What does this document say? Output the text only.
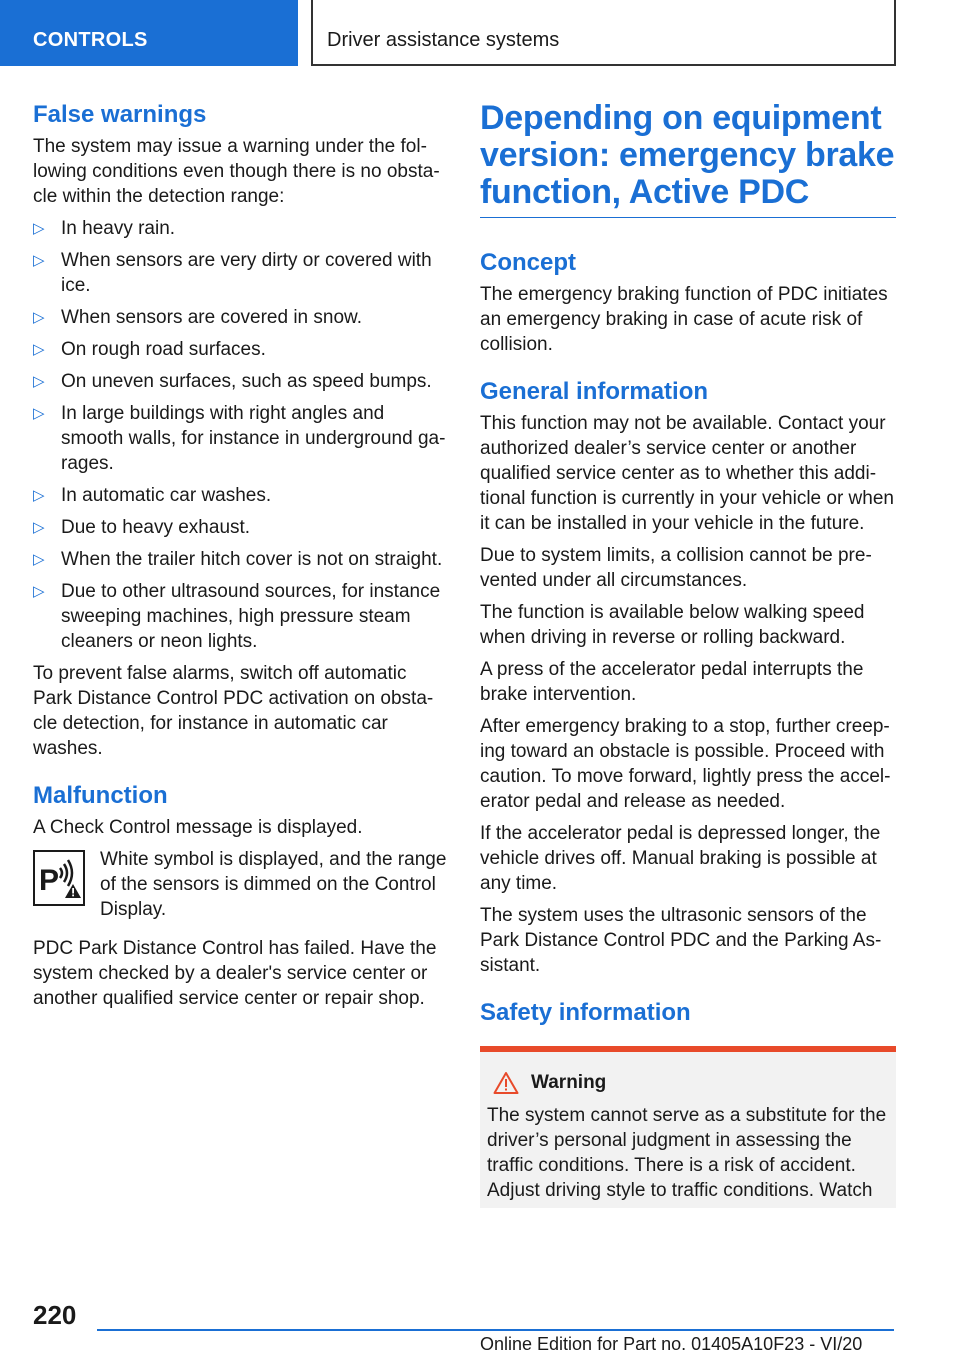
CONTROLS	Driver assistance systems
False warnings

The system may issue a warning under the fol-lowing conditions even though there is no obsta-cle within the detection range:

▷ In heavy rain.
▷ When sensors are very dirty or covered with ice.
▷ When sensors are covered in snow.
▷ On rough road surfaces.
▷ On uneven surfaces, such as speed bumps.
▷ In large buildings with right angles and smooth walls, for instance in underground ga-rages.
▷ In automatic car washes.
▷ Due to heavy exhaust.
▷ When the trailer hitch cover is not on straight.
▷ Due to other ultrasound sources, for instance sweeping machines, high pressure steam cleaners or neon lights.

To prevent false alarms, switch off automatic Park Distance Control PDC activation on obsta-cle detection, for instance in automatic car washes.

Malfunction

A Check Control message is displayed.

P
White symbol is displayed, and the range of the sensors is dimmed on the Control Display.

PDC Park Distance Control has failed. Have the system checked by a dealer's service center or another qualified service center or repair shop.

Depending on equipment version: emergency brake function, Active PDC
Concept

The emergency braking function of PDC initiates an emergency braking in case of acute risk of collision.

General information

This function may not be available. Contact your authorized dealer’s service center or another qualified service center as to whether this addi-tional function is currently in your vehicle or when it can be installed in your vehicle in the future.

Due to system limits, a collision cannot be pre-vented under all circumstances.

The function is available below walking speed when driving in reverse or rolling backward.

A press of the accelerator pedal interrupts the brake intervention.

After emergency braking to a stop, further creep-ing toward an obstacle is possible. Proceed with caution. To move forward, lightly press the accel-erator pedal and release as needed.

If the accelerator pedal is depressed longer, the vehicle drives off. Manual braking is possible at any time.

The system uses the ultrasonic sensors of the Park Distance Control PDC and the Parking As-sistant.

Safety information
Warning

The system cannot serve as a substitute for the driver’s personal judgment in assessing the traffic conditions. There is a risk of accident. Adjust driving style to traffic conditions. Watch

220
Online Edition for Part no. 01405A10F23 - VI/20
